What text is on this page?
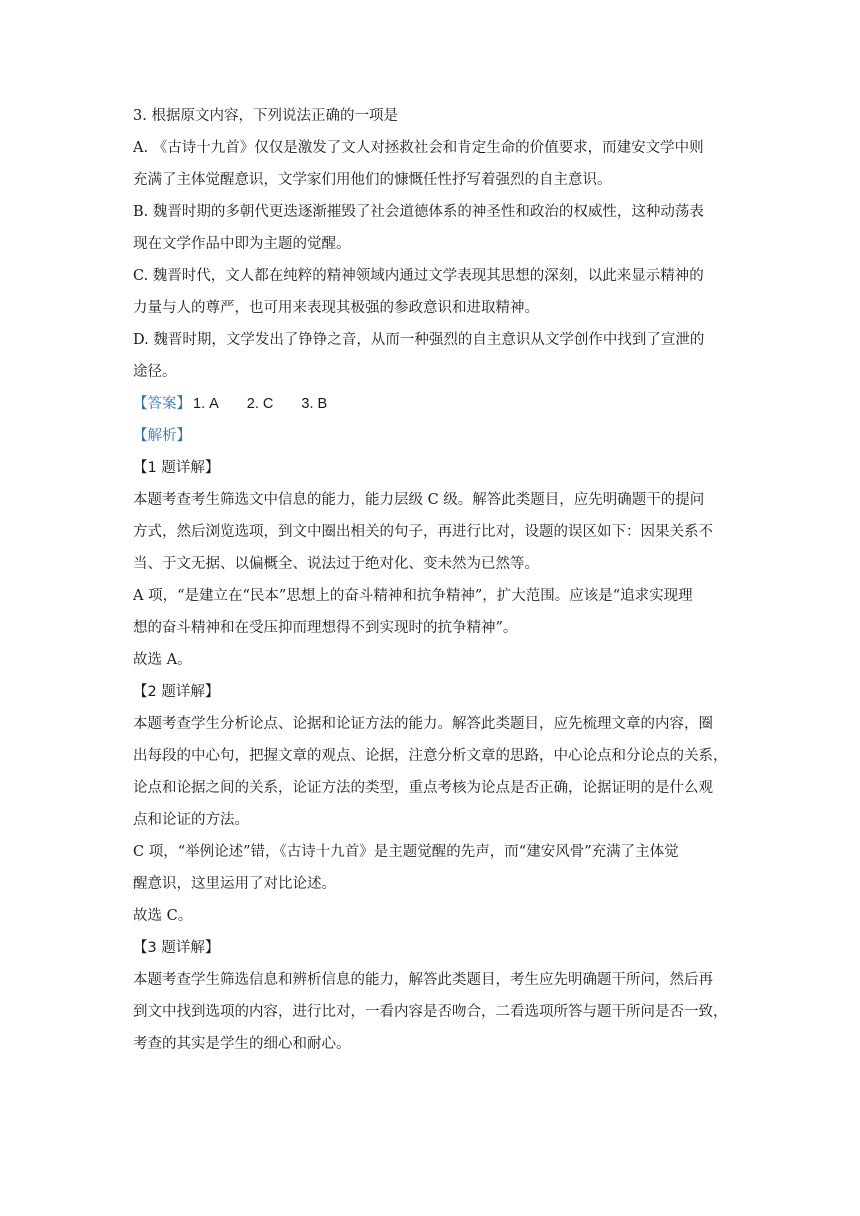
3. 根据原文内容，下列说法正确的一项是

A. 《古诗十九首》仅仅是激发了文人对拯救社会和肯定生命的价值要求，而建安文学中则

充满了主体觉醒意识，文学家们用他们的慷慨任性抒写着强烈的自主意识。

B. 魏晋时期的多朝代更迭逐渐摧毁了社会道德体系的神圣性和政治的权威性，这种动荡表

现在文学作品中即为主题的觉醒。

C. 魏晋时代，文人都在纯粹的精神领域内通过文学表现其思想的深刻，以此来显示精神的

力量与人的尊严，也可用来表现其极强的参政意识和进取精神。

D. 魏晋时期，文学发出了铮铮之音，从而一种强烈的自主意识从文学创作中找到了宣泄的

途径。

【答案】 1. A 2. C 3. B

【解析】

【1 题详解】

本题考查考生筛选文中信息的能力，能力层级 C 级。解答此类题目，应先明确题干的提问

方式，然后浏览选项，到文中圈出相关的句子，再进行比对，设题的误区如下：因果关系不

当、于文无据、以偏概全、说法过于绝对化、变未然为已然等。

A 项，“是建立在“民本”思想上的奋斗精神和抗争精神”，扩大范围。应该是“追求实现理

想的奋斗精神和在受压抑而理想得不到实现时的抗争精神”。

故选 A。

【2 题详解】

本题考查学生分析论点、论据和论证方法的能力。解答此类题目，应先梳理文章的内容，圈

出每段的中心句，把握文章的观点、论据，注意分析文章的思路，中心论点和分论点的关系，

论点和论据之间的关系，论证方法的类型，重点考核为论点是否正确，论据证明的是什么观

点和论证的方法。

C 项，“举例论述”错，《古诗十九首》是主题觉醒的先声，而“建安风骨”充满了主体觉

醒意识，这里运用了对比论述。

故选 C。

【3 题详解】

本题考查学生筛选信息和辨析信息的能力，解答此类题目，考生应先明确题干所问，然后再

到文中找到选项的内容，进行比对，一看内容是否吻合，二看选项所答与题干所问是否一致，

考查的其实是学生的细心和耐心。
